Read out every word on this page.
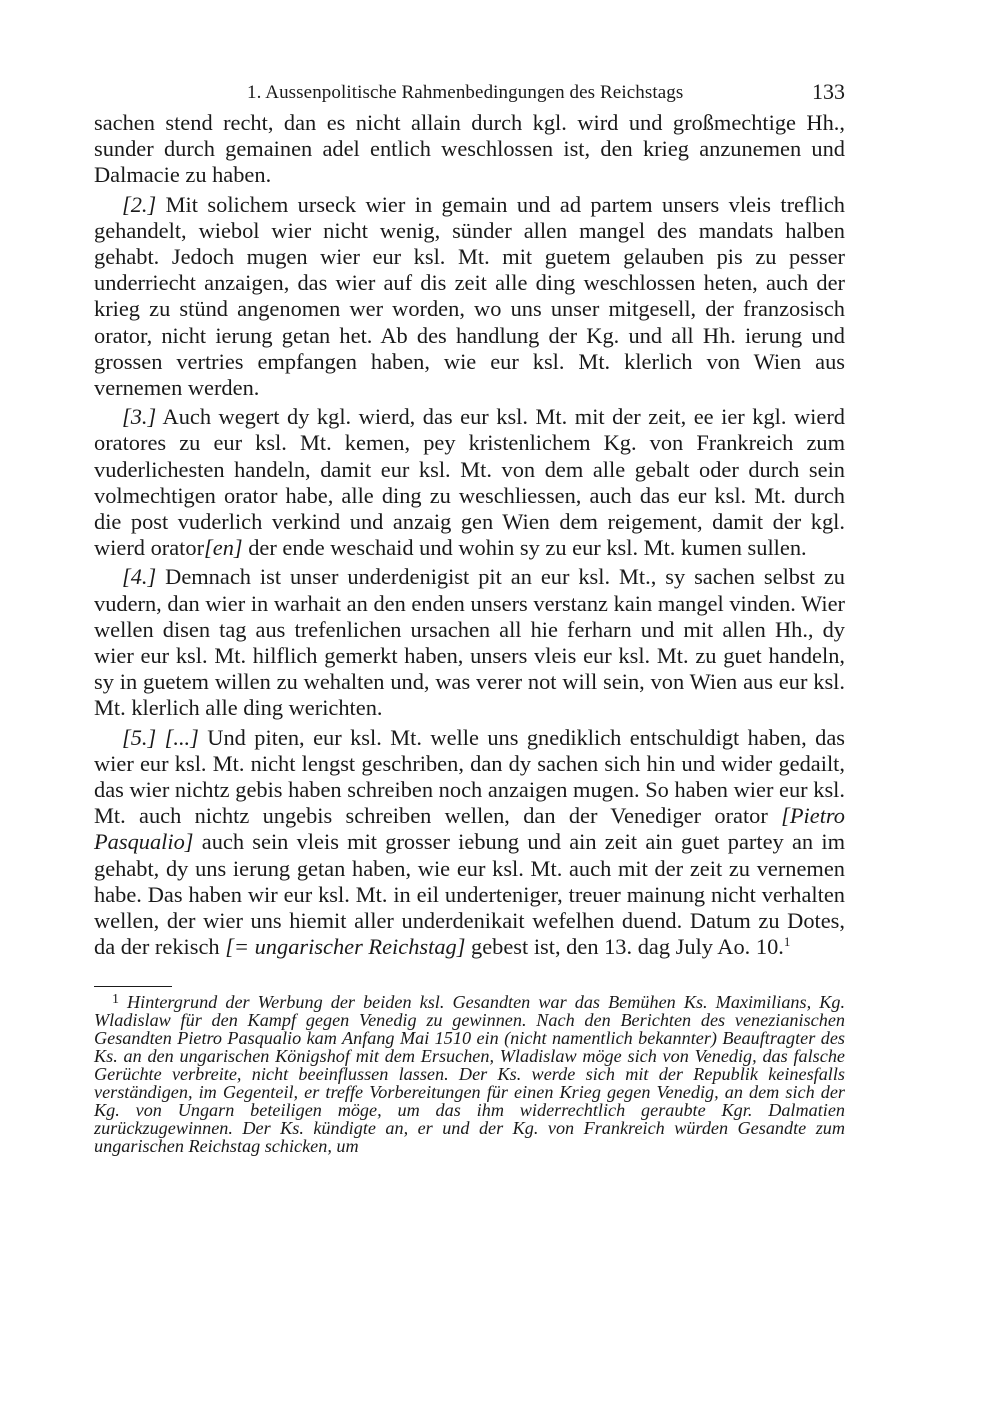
1. Aussenpolitische Rahmenbedingungen des Reichstags	133

sachen stend recht, dan es nicht allain durch kgl. wird und großmechtige Hh., sunder durch gemainen adel entlich weschlossen ist, den krieg anzunemen und Dalmacie zu haben.

[2.] Mit solichem urseck wier in gemain und ad partem unsers vleis treflich gehandelt, wiebol wier nicht wenig, sünder allen mangel des mandats halben gehabt. Jedoch mugen wier eur ksl. Mt. mit guetem gelauben pis zu pesser underriecht anzaigen, das wier auf dis zeit alle ding weschlossen heten, auch der krieg zu stünd angenomen wer worden, wo uns unser mitgesell, der franzosisch orator, nicht ierung getan het. Ab des handlung der Kg. und all Hh. ierung und grossen vertries empfangen haben, wie eur ksl. Mt. klerlich von Wien aus vernemen werden.

[3.] Auch wegert dy kgl. wierd, das eur ksl. Mt. mit der zeit, ee ier kgl. wierd oratores zu eur ksl. Mt. kemen, pey kristenlichem Kg. von Frankreich zum vuderlichesten handeln, damit eur ksl. Mt. von dem alle gebalt oder durch sein volmechtigen orator habe, alle ding zu weschliessen, auch das eur ksl. Mt. durch die post vuderlich verkind und anzaig gen Wien dem reigement, damit der kgl. wierd orator[en] der ende weschaid und wohin sy zu eur ksl. Mt. kumen sullen.

[4.] Demnach ist unser underdenigist pit an eur ksl. Mt., sy sachen selbst zu vudern, dan wier in warhait an den enden unsers verstanz kain mangel vinden. Wier wellen disen tag aus trefenlichen ursachen all hie ferharn und mit allen Hh., dy wier eur ksl. Mt. hilflich gemerkt haben, unsers vleis eur ksl. Mt. zu guet handeln, sy in guetem willen zu wehalten und, was verer not will sein, von Wien aus eur ksl. Mt. klerlich alle ding werichten.

[5.] [...] Und piten, eur ksl. Mt. welle uns gnediklich entschuldigt haben, das wier eur ksl. Mt. nicht lengst geschriben, dan dy sachen sich hin und wider gedailt, das wier nichtz gebis haben schreiben noch anzaigen mugen. So haben wier eur ksl. Mt. auch nichtz ungebis schreiben wellen, dan der Venediger orator [Pietro Pasqualio] auch sein vleis mit grosser iebung und ain zeit ain guet partey an im gehabt, dy uns ierung getan haben, wie eur ksl. Mt. auch mit der zeit zu vernemen habe. Das haben wir eur ksl. Mt. in eil underteniger, treuer mainung nicht verhalten wellen, der wier uns hiemit aller underdenikait wefelhen duend. Datum zu Dotes, da der rekisch [= ungarischer Reichstag] gebest ist, den 13. dag July Ao. 10.$^1$

$^1$ Hintergrund der Werbung der beiden ksl. Gesandten war das Bemühen Ks. Maximilians, Kg. Wladislaw für den Kampf gegen Venedig zu gewinnen. Nach den Berichten des venezianischen Gesandten Pietro Pasqualio kam Anfang Mai 1510 ein (nicht namentlich bekannter) Beauftragter des Ks. an den ungarischen Königshof mit dem Ersuchen, Wladislaw möge sich von Venedig, das falsche Gerüchte verbreite, nicht beeinflussen lassen. Der Ks. werde sich mit der Republik keinesfalls verständigen, im Gegenteil, er treffe Vorbereitungen für einen Krieg gegen Venedig, an dem sich der Kg. von Ungarn beteiligen möge, um das ihm widerrechtlich geraubte Kgr. Dalmatien zurückzugewinnen. Der Ks. kündigte an, er und der Kg. von Frankreich würden Gesandte zum ungarischen Reichstag schicken, um
